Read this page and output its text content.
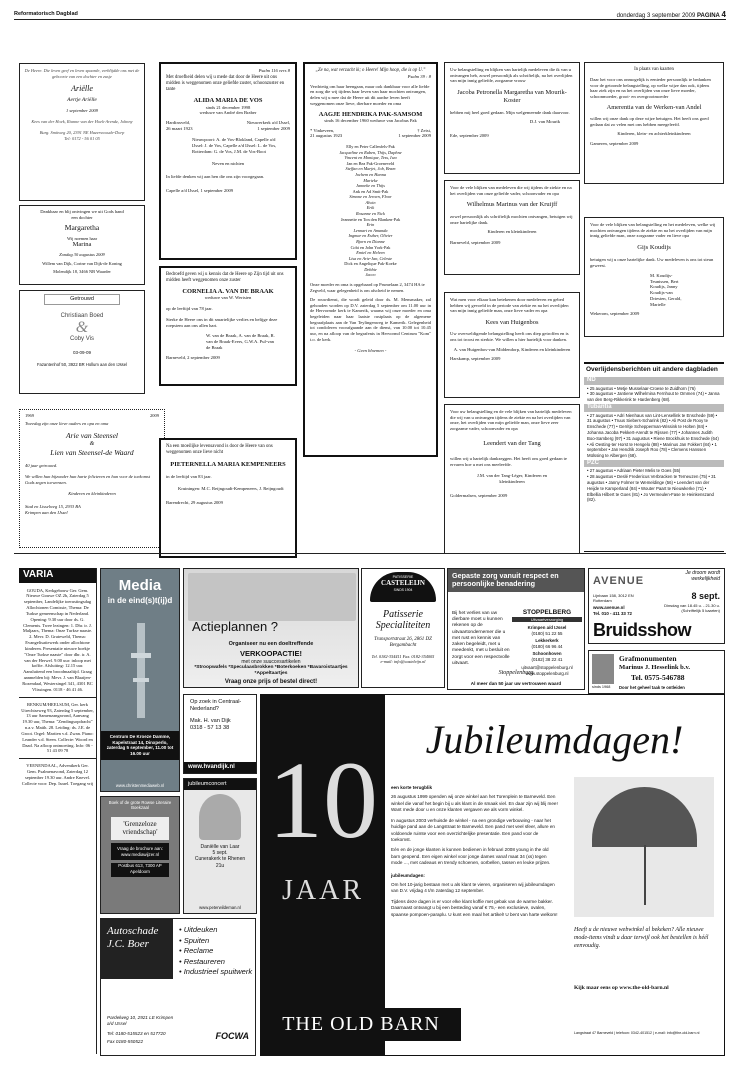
Reformatorisch Dagblad	donderdag 3 september 2009 PAGINA 4
De Heere. Die leven geef en leven spaarde, verblijdde ons met de geboorte van een dochter en zusje
Ariëlle
Aertje Ariëlle
1 september 2009
Kees van der Hoek, Rianne van der Hoek-Arendz, Johnny
Burg. Smitweg 20, 2391 NE Hazerswoude-Dorp
Tel: 0172 - 56 01 05
Dankbaar en blij ontvingen we uit Gods hand een dochter
Margaretha
Wij noemen haar
Marina
Zondag 30 augustus 2009
Willem van Dijk, Corine van Dijk-de Koning
Molendijk 18, 3466 NB Waarder
Getrouwd
Christiaan Boed
&
Coby Vis
03-09-09
Fazantenhof 50, 3922 BR Hollum aan den IJssel
1969	2009
Tweedag zijn onze lieve ouders en opa en oma
Arie van Steensel
&
Lien van Steensel-de Waard
40 jaar getrouwd.
We willen hun bijzonder hun harte felicteren en hun voor de toekomst Gods zegen toewensen.
Kinderen en kleinkinderen
Stad en Lisselweg 15, 2933 BA Krimpen aan den IJssel
Psalm 116 vers 8
Met droefheid delen wij u mede dat door de Heere uit ons midden is weggenomen onze geliefde zuster, schoonzuster en tante
ALIDA MARIA DE VOS
sinds 21 december 1998
weduwe van André den Braber
Hardinxveld,
26 maart 1923
Nieuwerkerk a/d IJssel,
1 september 2009
Nieuwpoort: A. de Vos-Blokland, Capelle a/d IJssel: J. de Vos, Capelle a/d IJssel: L. de Vos, Rotterdam: G. de Vos, J.M. de Vos-Boot
Neven en nichten
In liefde denken wij aan hen die ons zijn voorgegaan.
Capelle a/d IJssel, 1 september 2009
Bedroefd geven wij u kennis dat de Heere op Zijn tijd uit ons midden heeft weggenomen onze zuster
CORNELIA A. VAN DE BRAAK
weduwe van W. Wertsien
op de leeftijd van 78 jaar.
Sterke de Heere ons in dit smartelijke verlies en belijge deze roepstem aan ons allen hart.
W. van de Braak, A. van de Braak, R. van de Braak-Evers, G.W.A. Pul-van de Braak
Barneveld, 2 september 2009
Na een moeilijke levensavond is door de Heere van ons weggenomen onze lieve nicht
PIETERNELLA MARIA KEMPENEERS
in de leeftijd van 83 jaar.
Kruiningen: M.C. Reijngoudt-Kempeneers, J. Reijngoudt
Barendrecht, 29 augustus 2009
„Ze na, wat verzacht ik; o Heere! Mijn hoop, die is op U.”
Psalm 39 : 8
Verdrietig om haar heengaan, maar ook dankbaar voor alle liefde en zorg die wij tijdens haar leven van haar mochten ontvangen, delen wij u mee dat de Heere uit dit aardse leven heeft weggenomen onze lieve, dierbare moeder en oma
AAGJE HENDRIKA PAK-SAMSOM
sinds 16 december 1960 weduwe van Jacobus Pak
* Vinkeveen,
21 augustus 1923
† Zeist,
1 september 2009
Elly en Peter Callenfels-Pak
Jacqueline en Ruben, Thijs, Daphne
Vincent en Monique, Tess, Iwa
Jan en Bea Pak-Groeneveld
Steffan en Marjet, Job, Bram
Jochem en Hanna
Marieke
Janneke en Thijs
Ank en Ad Smit-Pak
Simone en Jeroen, Floor
Alwin
Erik
Rosanne en Nick
Jeannette en Ton den Blanken-Pak
Erin
Lennart en Amanda
Ingmar en Esther, Olivier
Bjorn en Dianne
Cobi en John York-Pak
Emiel en Heleen
Lisa en Arie-Jan, Celeste
Dick en Angelique Pak-Koeke
Debbie
Jacco
Onze moeder en oma is opgebaard op Prumelaan 2, 3474 HA te Zegveld, waar gelegenheid is om afscheid te nemen.
De rouwdienst, die wordt geleid door ds. M. Mensmaker, zal gehouden worden op D.V. zaterdag 5 september om 11.00 uur in de Hervormde kerk te Kamerik, waarna wij onze moeder en oma begeleiden naar haar laatste rustplaats op de algemene begraafplaats aan de Van Teylingenweg te Kamerik. Gelegenheid tot condoleren voorafgaande aan de dienst, van 10.00 tot 10.45 uur, en na afloop van de begrafenis in Hervormd Centrum "Kom" t.o. de kerk.
- Geen bloemen -
Uw belangstelling en blijken van hartelijk medeleven die ik van u ontvangen heb, zowel persoonlijk als schriftelijk, na het overlijden van mijn innig geliefde, zorgzame vrouw
Jacoba Petronella Margaretha van Mourik-Koster
hebben mij heel goed gedaan. Mijn welgemeende dank daarvoor.
D.J. van Mourik
Ede, september 2009
Voor de vele blijken van medeleven die wij tijdens de ziekte en na het overlijden van onze geliefde vader, schoonvader en opa
Wilhelmus Marinus van der Kruijff
zowel persoonlijk als schriftelijk mochten ontvangen, betuigen wij onze hartelijke dank.
Kinderen en kleinkinderen
Barneveld, september 2009
Wat men voor elkaar kan betekenen door medeleven en gebed hebben wij gevoeld in de periode van ziekte en na het overlijden van mijn innig geliefde man, onze lieve vader en opa
Kees van Huigenbos
Uw overweldigende belangstelling heeft ons diep getroffen en is ons tot troost en sterkte. We willen u hier hartelijk voor danken.
A. van Huigenbos-van Middendorp, Kinderen en kleinkinderen
Harskamp, september 2009
Voor uw belangstelling en de vele blijken van hartelijk medeleven die wij van u ontvangen tijdens de ziekte en na het overlijden van onze, het overlijden van mijn geliefde man, onze lieve zeer zorgzame vader, schoonvader en opa
Leendert van der Tang
willen wij u hartelijk dankzeggen. Het heeft ons goed gedaan te ervaren hoe u met ons meeleefde.
J.M. van der Tang-Léger, Kinderen en kleinkinderen
Goldermalsen, september 2009
In plaats van kaarten
Daar het voor ons onmogelijk is eenieder persoonlijk te bedanken voor de getoonde belangstelling, op welke wijze dan ook, tijdens haar ziek zijn en na het overlijden van onze lieve moeder, schoonmoeder, groot- en overgrootmoeder
Amerentia van de Werken-van Andel
willen wij onze dank op deze wijze betuigen. Het heeft ons goed gedaan dat zo velen met ons hebben meegeleefd.
Kinderen, klein- en achterkleinkinderen
Gameren, september 2009
Voor de vele blijken van belangstelling en het medeleven, welke wij mochten ontvangen tijdens de ziekte en na het overlijden van mijn innig geliefde man, onze zorgzame vader en lieve opa
Gijs Koudijs
betuigen wij u onze hartelijke dank. Uw medeleven is ons tot steun geweest.
M. Koudijs-Teunissen, Bert Koudijs, Janny Koudijs-van Driesten, Gerald, Marielle
Wekerom, september 2009
Overlijdensberichten uit andere dagbladen
ND
• 25 augustus • Metje Musselaar-Croese te Zuidhorn (76)
• 30 augustus • Jantiene Wilhelmina Fernhout te Ommen (74) • Janna van den Berg-Rikkerink te Hardenberg (68).
Tubantia
• 27 augustus • Adri Nienhaus van Lint-Lensellink te Enschede (59) • 31 augustus • Truus Siebers-Scharink (82) • Ali Post de Rooy te Enschede (77) • Gerritje Schepperman-Wissink te Holten (84) • Johanna Jacoba Pekkert-Arendt te Rijssen (77) • Johannes Judith Boo-Samberg (97) • 31 augustus • Riene Brockhuis te Enschede (64) • Ali Oesting-ter Horst te Hengelo (88) • Marinus Jan Fokkert (84) • 1 september • Jan Hendrik Joseph Roo (78) • Clemens Hanssen Mülssing te Albergen (68).
PZC
• 27 augustus • Adriaan Pieter Melis te Goes (55)
• 28 augustus • Deslé Fredericus Verbracken te Terneuzen (75) • 31 augustus • Janny Folmer te Wemeldinge (56) • Leendert van der Heijde te Kamperland (84) • Wouter Paart te Nieuwkerke (71) • Elbellia Hilbert te Goes (81) • Jo Vermeulen-Fase te Heinkenszand (82).
VARIA
GOUDA, Kerkgebouw Ger. Gem. Nieuwe Gouwe OZ 2b, Zaterdag 5 september, Landelijke toerustingsdag Allochtonen Comissie, Thema: De Turkse gemeenschap in Nederland. Opening: 9.30 uur door ds. G. Clements. Twee lezingen: 1. Dhr. ir. J. Maljaars, Thema: Onze Turkse naaste. 2. Mevr. D. Gruteweld, Thema: Evangelisatiewerk onder allochtone kinderen. Presentatie nieuwe boekje "Onze Turkse naaste" door dhr. ir. A. van der Herwel. 9.00 uur: inloop met koffie. Afsluiting: 12.15 uur. Aansluitend een broodmaaltijd. Graag aanmelden bij: Mevr. J. van Blaaijen-Rozendaal, Westersingel 341, 4301 BC Vlissingen. 0118 - 46 41 46.
RENKUM/HEELSUM, Ger. kerk Utrechtseweg 93, Zaterdag 5 september, 13 uur Samenzangavond, Aanvang 19.30 uur, Thema: "Zendingsopdracht" n.a.v. Matth. 28. Leiding: ds. J.E. de Groot. Orgel: Martien v.d. Zwan. Piano: Leander v.d. Steen. Collecte: Woord en Daad. Na afloop ontmoeting. Info: 06 - 51 43 09 78
VEENENDAAL, Adventkerk Ger. Gem. Psalmenavond, Zaterdag 12 september 19.30 uur. Andre Knevel. Collecte voor: Dep. Israel. Toegang vrij
Media
in de eind(s)t(ij)d
Centrum De Kroeze Damme, Kapelstraat 14, Dinxperlo, zaterdag 5 september, 11.00 tot 16.00 uur
www.christenmediaweb.nl
Actieplannen ?
Organiseer nu een doeltreffende
VERKOOPACTIE!
met onze suuccesartikelen
*Stroopwafels *Speculaasbrokken *Boterkoeken *Bavaroistaartjes *Appeltaartjes
Vraag onze prijs of bestel direct!
PATISSERIE
CASTELEIJN
SINDS 1904
Patisserie Specialiteiten
Transportstraat 26, 2861 DZ Bergambacht
Tel. 0182-354411 Fax. 0182-354005
e-mail: info@casteleijn.nl
Gepaste zorg vanuit respect en persoonlijke benadering
Bij het verlies van uw dierbare moet u kunnen rekenen op de uitvaartondernemer die u met rust en kennis van zaken begeleidt, met u meedenkt, met u besluit en zorgt voor een respectvolle uitvaart.
STOPPELBERG
Uitvaartverzorging
Krimpen a/d IJssel
(0180) 51 22 55
Lekkerkerk
(0180) 66 96 44
Schoonhoven
(0182) 38 22 41
uitvaart@stoppelenburg.nl
www.stoppelenburg.nl
Stoppelenburg
Al meer dan 50 jaar uw vertrouwen waard
Je droom wordt werkelijkheid
AVENUE
8 sept.
Lijnbaan 158, 3012 EN Rotterdam
www.avenue.nl
Tel. 010 - 411 33 72
Dinsdag van 18.45 u. - 21.30 u. (Schriftelijk 5 kaarten)
Bruidsshow
sinds 1968
Grafmonumenten
Marinus J. Hesselink b.v.
Tel. 0575-546788
Door het geheel taak te ontleiden
Boek of de grote Rowse Literaire Boekzaal
'Grenzeloze vriendschap'
Vraag de brochure aan: www.mediawijzer.nl
Postbus 613, 7300 AP Apeldoorn
Autoschade J.C. Boer
• Uitdeuken
• Spuiten
• Reclame
• Restaureren
• Industrieel spuitwerk
Pardelweg 10, 2921 LE Krimpen a/d IJssel
Tel: 0180-515523 en 517720
Fax 0180-550522
FOCWA
Op zoek in Centraal-Nederland?
Mak. H. van Dijk
0318 - 57 13 38
www.hvandijk.nl
jubileumconcert
Daniëlle van Laar
5 sept.
Cunerakerk te Rhenen
21u
www.peterwildeman.nl
10
JAAR
THE OLD BARN
Jubileumdagen!
een korte terugblik
26 augustus 1999 openden wij onze winkel aan het Torenplein te Barneveld. Een winkel die vanaf het begin bij u als klant in de smaak viel. En daar zijn wij blij mee! Want mede door u en onze klanten vergaven we als vorm winkel.
In augustus 2003 verhuisde de winkel - na een grondige verbouwing - naar het huidige pand aan de Langstraat te Barneveld. Een pand met veel sfeer, allure en voldoende ruimte voor een overzichtelijke presentatie. Een pand voor de toekomst.
Eén en de jonge klanten is kunnen bedienen in februari 2008 young in the old barn geopend. Een eigen winkel voor jonge dames vanaf maat 34 (xs) tegen mode ..., met cadeaus en trendy schoenen, oorbellen, tassen en leuke prijzen.
jubileumdagen:
Om het 10-jarig bestaan met u als klant te vieren, organiseren wij jubileumdagen van D.V. vrijdag 4 t/m zaterdag 12 september.
Tijdens deze dagen is er voor elke klant koffie met gebak van de warme bakker. Daarnaast ontvangt u bij een besteding vanaf € 75,- een exclusieve, ovalen, spaanse pompoen-paraplu. U kunt een maal het artikel! U bent van harte welkom!
Heeft u de nieuwe webwinkel al bekeken? Alle nieuwe mode-items vindt u daar terwijl ook het bestellen is héél eenvoudig.
Kijk maar eens op www.the-old-barn.nl
Langstraat 47 Barneveld | telefoon: 0342-401512 | e-mail: info@the-old-barn.nl
